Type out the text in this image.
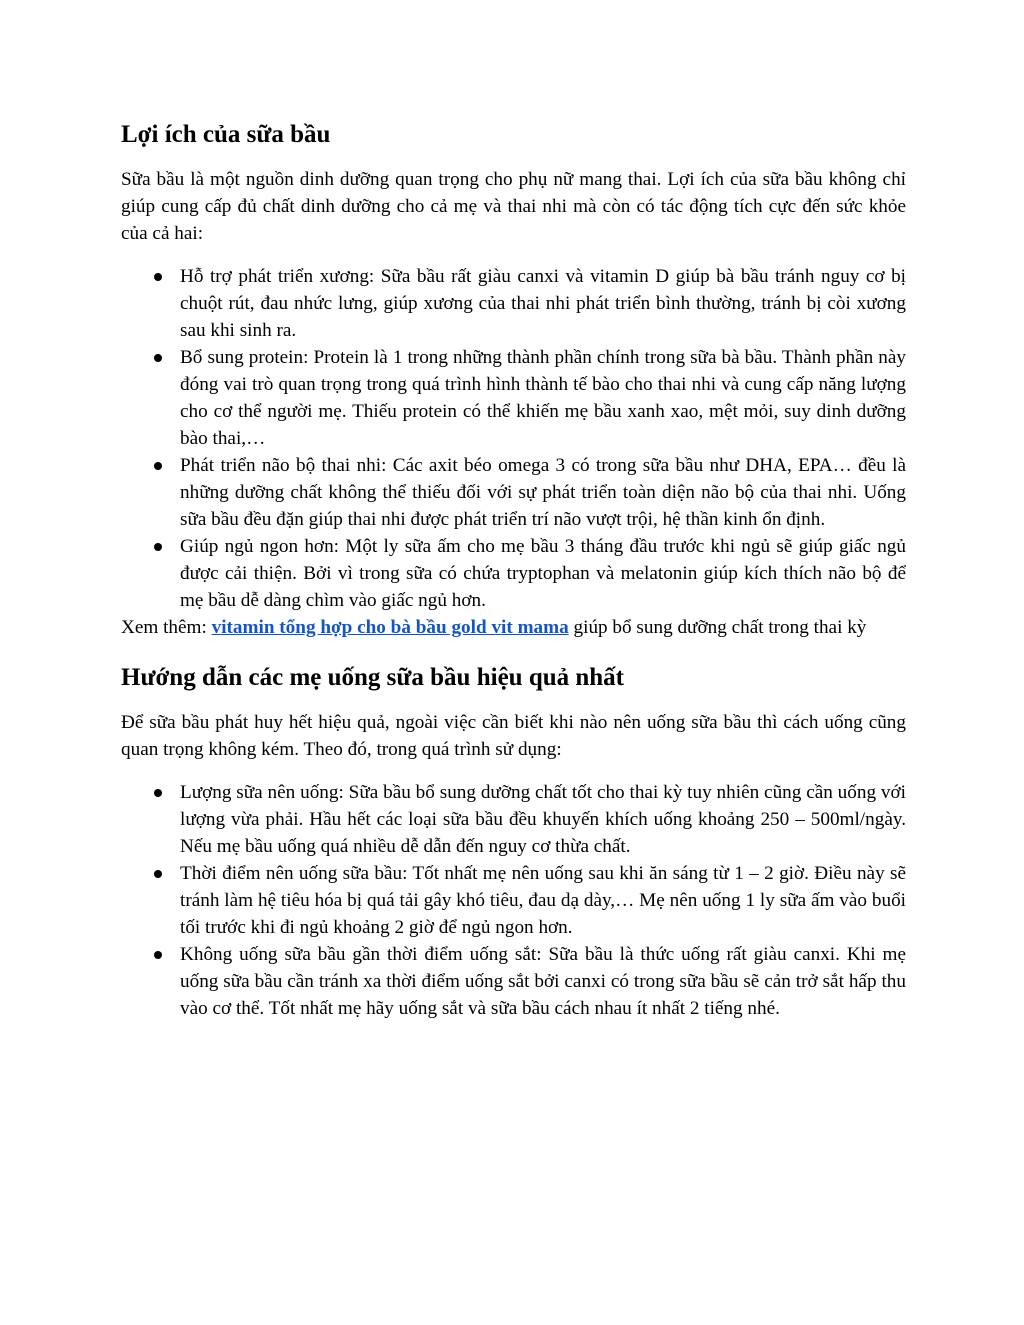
Lợi ích của sữa bầu

Sữa bầu là một nguồn dinh dưỡng quan trọng cho phụ nữ mang thai. Lợi ích của sữa bầu không chỉ giúp cung cấp đủ chất dinh dưỡng cho cả mẹ và thai nhi mà còn có tác động tích cực đến sức khỏe của cả hai:

Hỗ trợ phát triển xương: Sữa bầu rất giàu canxi và vitamin D giúp bà bầu tránh nguy cơ bị chuột rút, đau nhức lưng, giúp xương của thai nhi phát triển bình thường, tránh bị còi xương sau khi sinh ra.
Bổ sung protein: Protein là 1 trong những thành phần chính trong sữa bà bầu. Thành phần này đóng vai trò quan trọng trong quá trình hình thành tế bào cho thai nhi và cung cấp năng lượng cho cơ thể người mẹ. Thiếu protein có thể khiến mẹ bầu xanh xao, mệt mỏi, suy dinh dưỡng bào thai,…
Phát triển não bộ thai nhi: Các axit béo omega 3 có trong sữa bầu như DHA, EPA… đều là những dưỡng chất không thể thiếu đối với sự phát triển toàn diện não bộ của thai nhi. Uống sữa bầu đều đặn giúp thai nhi được phát triển trí não vượt trội, hệ thần kinh ổn định.
Giúp ngủ ngon hơn: Một ly sữa ấm cho mẹ bầu 3 tháng đầu trước khi ngủ sẽ giúp giấc ngủ được cải thiện. Bởi vì trong sữa có chứa tryptophan và melatonin giúp kích thích não bộ để mẹ bầu dễ dàng chìm vào giấc ngủ hơn.

Xem thêm: vitamin tổng hợp cho bà bầu gold vit mama giúp bổ sung dưỡng chất trong thai kỳ

Hướng dẫn các mẹ uống sữa bầu hiệu quả nhất

Để sữa bầu phát huy hết hiệu quả, ngoài việc cần biết khi nào nên uống sữa bầu thì cách uống cũng quan trọng không kém. Theo đó, trong quá trình sử dụng:

Lượng sữa nên uống: Sữa bầu bổ sung dưỡng chất tốt cho thai kỳ tuy nhiên cũng cần uống với lượng vừa phải. Hầu hết các loại sữa bầu đều khuyến khích uống khoảng 250 – 500ml/ngày. Nếu mẹ bầu uống quá nhiều dễ dẫn đến nguy cơ thừa chất.
Thời điểm nên uống sữa bầu: Tốt nhất mẹ nên uống sau khi ăn sáng từ 1 – 2 giờ. Điều này sẽ tránh làm hệ tiêu hóa bị quá tải gây khó tiêu, đau dạ dày,… Mẹ nên uống 1 ly sữa ấm vào buổi tối trước khi đi ngủ khoảng 2 giờ để ngủ ngon hơn.
Không uống sữa bầu gần thời điểm uống sắt: Sữa bầu là thức uống rất giàu canxi. Khi mẹ uống sữa bầu cần tránh xa thời điểm uống sắt bởi canxi có trong sữa bầu sẽ cản trở sắt hấp thu vào cơ thể. Tốt nhất mẹ hãy uống sắt và sữa bầu cách nhau ít nhất 2 tiếng nhé.
